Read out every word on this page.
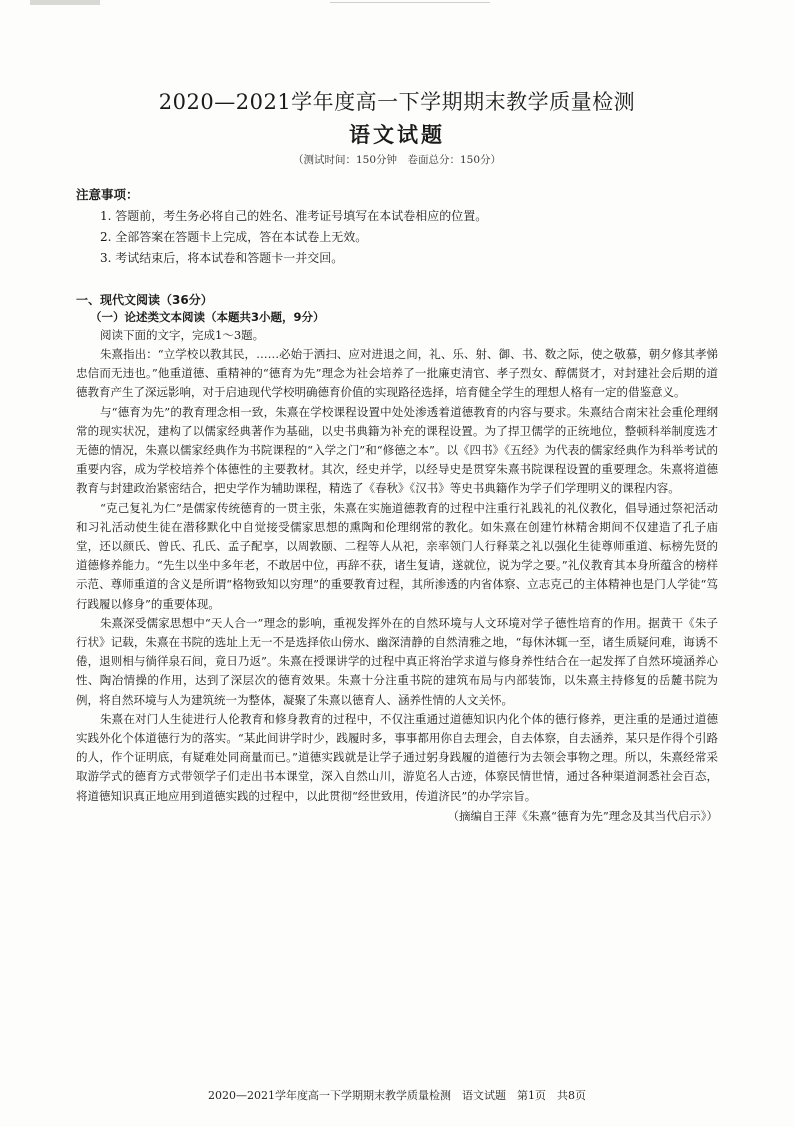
2020—2021学年度高一下学期期末教学质量检测
语文试题
（测试时间：150分钟　卷面总分：150分）
注意事项：
1. 答题前，考生务必将自己的姓名、准考证号填写在本试卷相应的位置。
2. 全部答案在答题卡上完成，答在本试卷上无效。
3. 考试结束后，将本试卷和答题卡一并交回。
一、现代文阅读（36分）
（一）论述类文本阅读（本题共3小题，9分）
阅读下面的文字，完成1～3题。

朱熹指出：“立学校以教其民，……必始于洒扫、应对进退之间，礼、乐、射、御、书、数之际，使之敬慕，朝夕修其孝悌忠信而无违也。”他重道德、重精神的“德育为先”理念为社会培养了一批廉吏清官、孝子烈女、醇儒贤才，对封建社会后期的道德教育产生了深远影响，对于启迪现代学校明确德育价值的实现路径选择，培育健全学生的理想人格有一定的借鉴意义。

与“德育为先”的教育理念相一致，朱熹在学校课程设置中处处渗透着道德教育的内容与要求。朱熹结合南宋社会重伦理纲常的现实状况，建构了以儒家经典著作为基础，以史书典籍为补充的课程设置。为了捍卫儒学的正统地位，整顿科举制度选才无德的情况，朱熹以儒家经典作为书院课程的“入学之门”和“修德之本”。以《四书》《五经》为代表的儒家经典作为科举考试的重要内容，成为学校培养个体德性的主要教材。其次，经史并学，以经导史是贯穿朱熹书院课程设置的重要理念。朱熹将道德教育与封建政治紧密结合，把史学作为辅助课程，精选了《春秋》《汉书》等史书典籍作为学子们学理明义的课程内容。

“克己复礼为仁”是儒家传统德育的一贯主张，朱熹在实施道德教育的过程中注重行礼践礼的礼仪教化，倡导通过祭祀活动和习礼活动使生徒在潜移默化中自觉接受儒家思想的熏陶和伦理纲常的教化。如朱熹在创建竹林精舍期间不仅建造了孔子庙堂，还以颜氏、曾氏、孔氏、孟子配享，以周敦颐、二程等人从祀，亲率领门人行释菜之礼以强化生徒尊师重道、标榜先贤的道德修养能力。“先生以坐中多年老，不敢居中位，再辞不获，诸生复请，遂就位，说为学之要。”礼仪教育其本身所蕴含的榜样示范、尊师重道的含义是所谓“格物致知以穷理”的重要教育过程，其所渗透的内省体察、立志克己的主体精神也是门人学徒“笃行践履以修身”的重要体现。

朱熹深受儒家思想中“天人合一”理念的影响，重视发挥外在的自然环境与人文环境对学子德性培育的作用。据黄干《朱子行状》记载，朱熹在书院的选址上无一不是选择依山傍水、幽深清静的自然清雅之地，“每休沐辄一至，诸生质疑问难，诲诱不倦，退则相与徜徉泉石间，竟日乃返”。朱熹在授课讲学的过程中真正将治学求道与修身养性结合在一起发挥了自然环境涵养心性、陶冶情操的作用，达到了深层次的德育效果。朱熹十分注重书院的建筑布局与内部装饰，以朱熹主持修复的岳麓书院为例，将自然环境与人为建筑统一为整体，凝聚了朱熹以德育人、涵养性情的人文关怀。

朱熹在对门人生徒进行人伦教育和修身教育的过程中，不仅注重通过道德知识内化个体的德行修养，更注重的是通过道德实践外化个体道德行为的落实。“某此间讲学时少，践履时多，事事都用你自去理会，自去体察，自去涵养，某只是作得个引路的人，作个证明底，有疑难处同商量而已。”道德实践就是让学子通过躬身践履的道德行为去领会事物之理。所以，朱熹经常采取游学式的德育方式带领学子们走出书本课堂，深入自然山川，游览名人古迹，体察民情世情，通过各种渠道洞悉社会百态，将道德知识真正地应用到道德实践的过程中，以此贯彻“经世致用，传道济民”的办学宗旨。

（摘编自王萍《朱熹“德育为先”理念及其当代启示》）
2020—2021学年度高一下学期期末教学质量检测　语文试题　第1页　共8页
